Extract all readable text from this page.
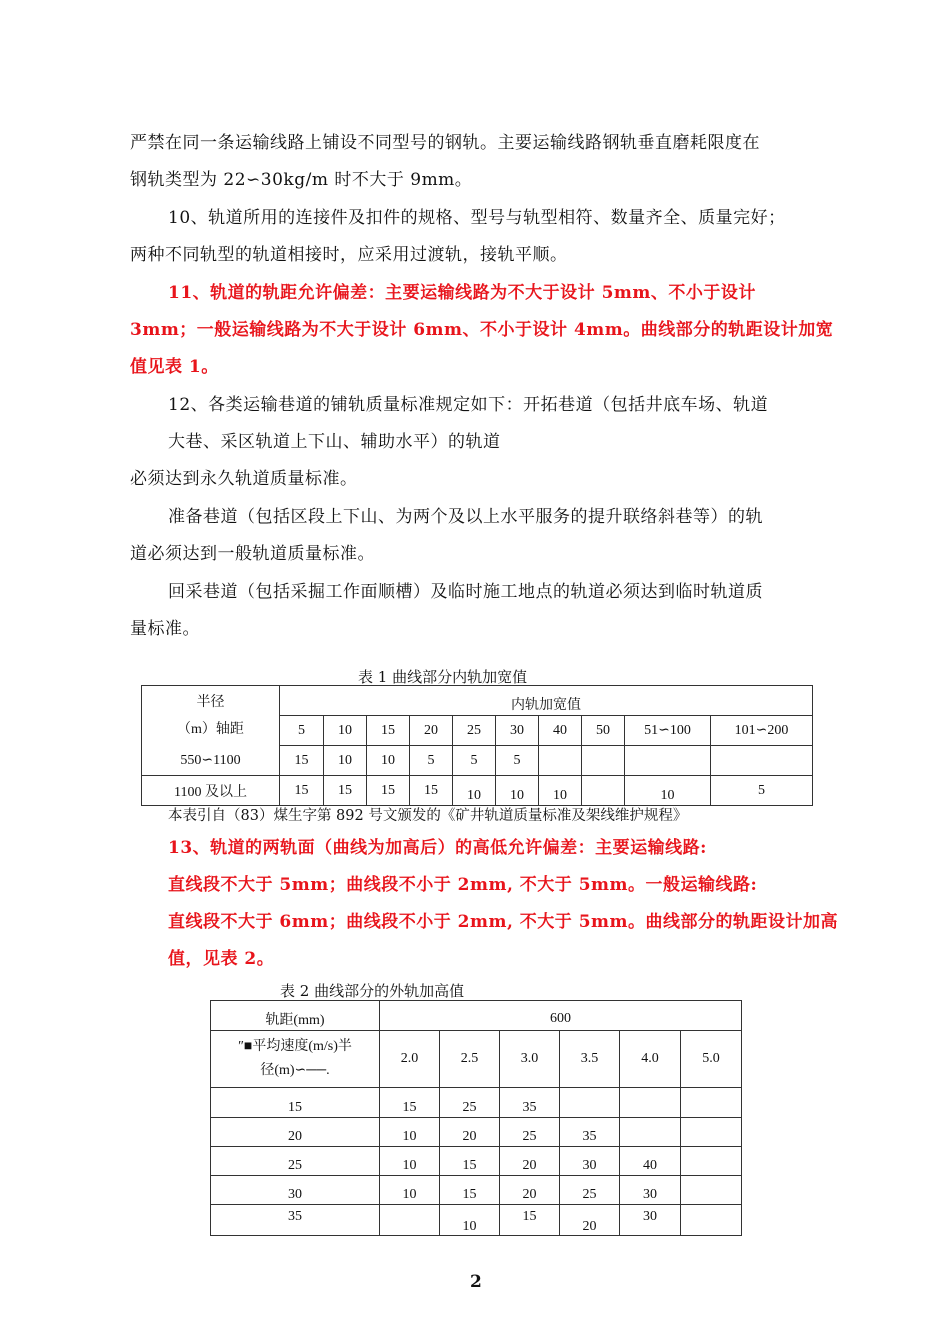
严禁在同一条运输线路上铺设不同型号的钢轨。主要运输线路钢轨垂直磨耗限度在
钢轨类型为 22∽30kg/m 时不大于 9mm。
10、轨道所用的连接件及扣件的规格、型号与轨型相符、数量齐全、质量完好；
两种不同轨型的轨道相接时，应采用过渡轨，接轨平顺。
11、轨道的轨距允许偏差：主要运输线路为不大于设计 5mm、不小于设计
3mm；一般运输线路为不大于设计 6mm、不小于设计 4mm。曲线部分的轨距设计加宽
值见表 1。
12、各类运输巷道的铺轨质量标准规定如下：开拓巷道（包括井底车场、轨道
大巷、采区轨道上下山、辅助水平）的轨道
必须达到永久轨道质量标准。
准备巷道（包括区段上下山、为两个及以上水平服务的提升联络斜巷等）的轨
道必须达到一般轨道质量标准。
回采巷道（包括采掘工作面顺槽）及临时施工地点的轨道必须达到临时轨道质
量标准。
表 1 曲线部分内轨加宽值
半径
（m）轴距	内轨加宽值									
	5	10	15	20	25	30	40	50	51∽100	101∽200
550∽1100	15	10	10	5	5	5				
1100 及以上	15	15	15	15	10	10	10		10	5
本表引自（83）煤生字第 892 号文颁发的《矿井轨道质量标准及架线维护规程》
13、轨道的两轨面（曲线为加高后）的高低允许偏差：主要运输线路:
直线段不大于 5mm；曲线段不小于 2mm, 不大于 5mm。一般运输线路:
直线段不大于 6mm；曲线段不小于 2mm, 不大于 5mm。曲线部分的轨距设计加高
值，见表 2。
表 2 曲线部分的外轨加高值
轨距(mm)	600					

″■平均速度(m/s)半
径(m)∽──.	2.0	2.5	3.0	3.5	4.0	5.0
15	15	25	35			
20	10	20	25	35		
25	10	15	20	30	40	
30	10	15	20	25	30	
35		10	15	20	30	
2
